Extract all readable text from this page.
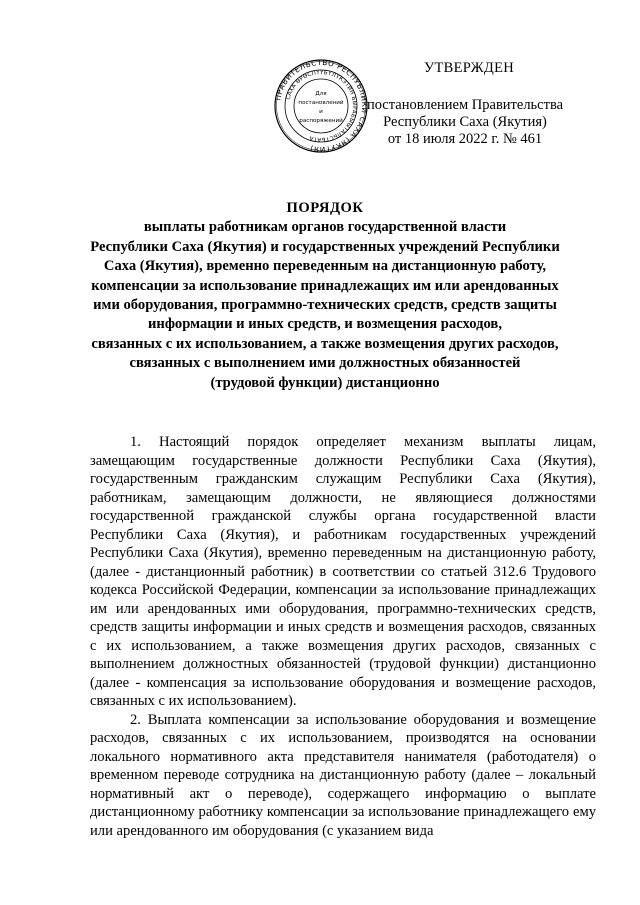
ПРАВИТЕЛЬСТВО РЕСПУБЛИКИ САХА (ЯКУТИЯ)
САХА ӨРӨСПҮҮБҮЛҮКЭТИН БЫРАБЫЫТАЛЬСТБАТА
Для
постановлений
и
распоряжений
УТВЕРЖДЕН
постановлением Правительства
Республики Саха (Якутия)
от 18 июля 2022 г. № 461
ПОРЯДОК
выплаты работникам органов государственной власти
Республики Саха (Якутия) и государственных учреждений Республики
Саха (Якутия), временно переведенным на дистанционную работу,
компенсации за использование принадлежащих им или арендованных
ими оборудования, программно-технических средств, средств защиты
информации и иных средств, и возмещения расходов,
связанных с их использованием, а также возмещения других расходов,
связанных с выполнением ими должностных обязанностей
(трудовой функции) дистанционно

1. Настоящий порядок определяет механизм выплаты лицам, замещающим государственные должности Республики Саха (Якутия), государственным гражданским служащим Республики Саха (Якутия), работникам, замещающим должности, не являющиеся должностями государственной гражданской службы органа государственной власти Республики Саха (Якутия), и работникам государственных учреждений Республики Саха (Якутия), временно переведенным на дистанционную работу, (далее - дистанционный работник) в соответствии со статьей 312.6 Трудового кодекса Российской Федерации, компенсации за использование принадлежащих им или арендованных ими оборудования, программно-технических средств, средств защиты информации и иных средств и возмещения расходов, связанных с их использованием, а также возмещения других расходов, связанных с выполнением должностных обязанностей (трудовой функции) дистанционно (далее - компенсация за использование оборудования и возмещение расходов, связанных с их использованием).

2. Выплата компенсации за использование оборудования и возмещение расходов, связанных с их использованием, производятся на основании локального нормативного акта представителя нанимателя (работодателя) о временном переводе сотрудника на дистанционную работу (далее – локальный нормативный акт о переводе), содержащего информацию о выплате дистанционному работнику компенсации за использование принадлежащего ему или арендованного им оборудования (с указанием вида
